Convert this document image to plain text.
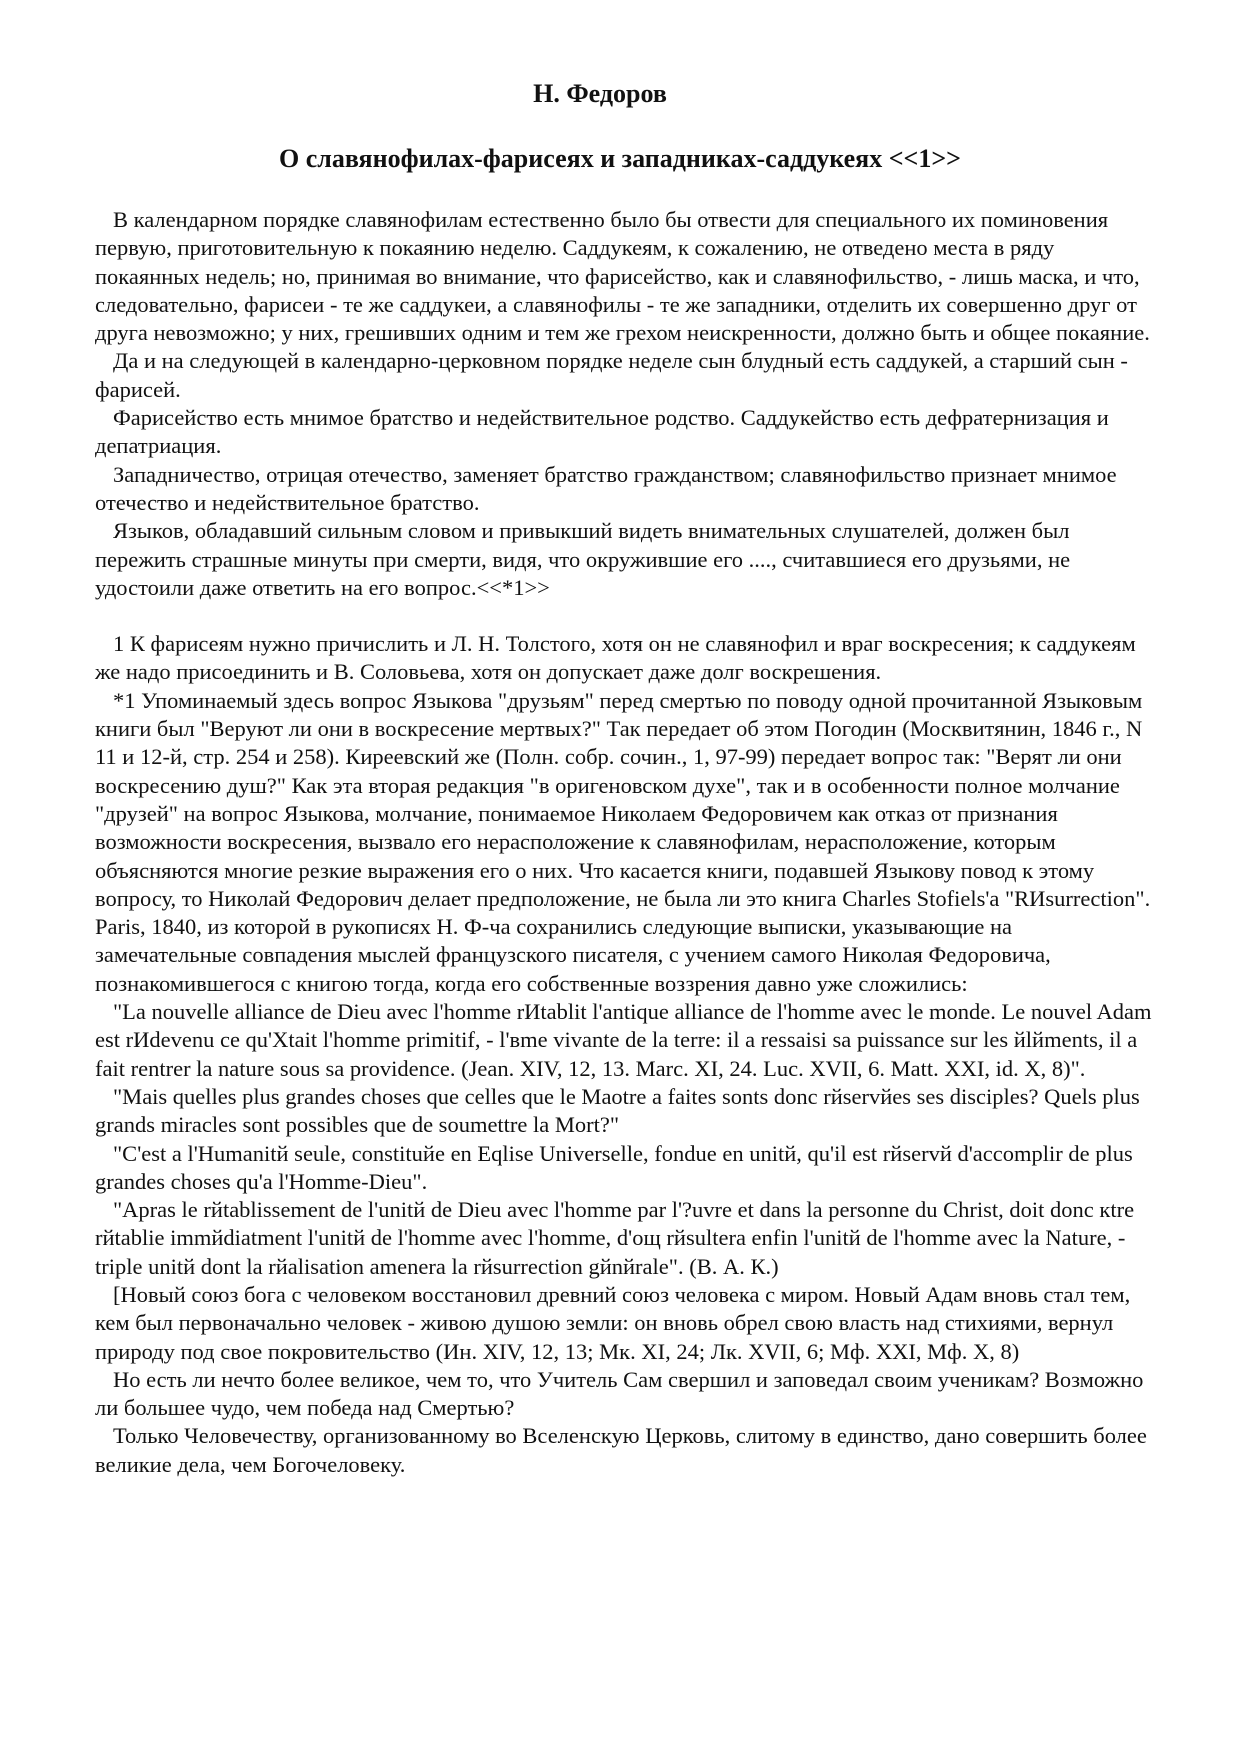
Н. Федоров
О славянофилах-фарисеях и западниках-саддукеях <<1>>

В календарном порядке славянофилам естественно было бы отвести для специального их поминовения первую, приготовительную к покаянию неделю. Саддукеям, к сожалению, не отведено места в ряду покаянных недель; но, принимая во внимание, что фарисейство, как и славянофильство, - лишь маска, и что, следовательно, фарисеи - те же саддукеи, а славянофилы - те же западники, отделить их совершенно друг от друга невозможно; у них, грешивших одним и тем же грехом неискренности, должно быть и общее покаяние.

Да и на следующей в календарно-церковном порядке неделе сын блудный есть саддукей, а старший сын - фарисей.

Фарисейство есть мнимое братство и недействительное родство. Саддукейство есть дефратернизация и депатриация.

Западничество, отрицая отечество, заменяет братство гражданством; славянофильство признает мнимое отечество и недействительное братство.

Языков, обладавший сильным словом и привыкший видеть внимательных слушателей, должен был пережить страшные минуты при смерти, видя, что окружившие его ...., считавшиеся его друзьями, не удостоили даже ответить на его вопрос.<<*1>>

1 К фарисеям нужно причислить и Л. Н. Толстого, хотя он не славянофил и враг воскресения; к саддукеям же надо присоединить и В. Соловьева, хотя он допускает даже долг воскрешения.

*1 Упоминаемый здесь вопрос Языкова "друзьям" перед смертью по поводу одной прочитанной Языковым книги был "Веруют ли они в воскресение мертвых?" Так передает об этом Погодин (Москвитянин, 1846 г., N 11 и 12-й, стр. 254 и 258). Киреевский же (Полн. собр. сочин., 1, 97-99) передает вопрос так: "Верят ли они воскресению душ?" Как эта вторая редакция "в оригеновском духе", так и в особенности полное молчание "друзей" на вопрос Языкова, молчание, понимаемое Николаем Федоровичем как отказ от признания возможности воскресения, вызвало его нерасположение к славянофилам, нерасположение, которым объясняются многие резкие выражения его о них. Что касается книги, подавшей Языкову повод к этому вопросу, то Николай Федорович делает предположение, не была ли это книга Charles Stofiels'a "RИsurrection". Paris, 1840, из которой в рукописях Н. Ф-ча сохранились следующие выписки, указывающие на замечательные совпадения мыслей французского писателя, с учением самого Николая Федоровича, познакомившегося с книгою тогда, когда его собственные воззрения давно уже сложились:

"La nouvelle alliance de Dieu avec l'homme rИtablit l'antique alliance de l'homme avec le monde. Le nouvel Adam est rИdevenu ce qu'Хtait l'homme primitif, - l'вme vivante de la terre: il a ressaisi sa puissance sur les йlйments, il a fait rentrer la nature sous sa providence. (Jean. XIV, 12, 13. Marc. XI, 24. Luc. XVII, 6. Matt. XXI, id. X, 8)".

"Mais quelles plus grandes choses que celles que le Maоtre a faites sonts donc rйservйes ses disciples? Quels plus grands miracles sont possibles que de soumettre la Mort?"

"C'est a l'Humanitй seule, constituйe en Eqlise Universelle, fondue en unitй, qu'il est rйservй d'accomplir de plus grandes choses qu'a l'Homme-Dieu".

"Apras le rйtablissement de l'unitй de Dieu avec l'homme par l'?uvre et dans la personne du Christ, doit donc кtre rйtablie immйdiatment l'unitй de l'homme avec l'homme, d'oщ rйsultera enfin l'unitй de l'homme avec la Nature, - triple unitй dont la rйalisation amenera la rйsurrection gйnйrale". (В. А. К.)

[Новый союз бога с человеком восстановил древний союз человека с миром. Новый Адам вновь стал тем, кем был первоначально человек - живою душою земли: он вновь обрел свою власть над стихиями, вернул природу под свое покровительство (Ин. XIV, 12, 13; Мк. XI, 24; Лк. XVII, 6; Мф. XXI, Мф. X, 8)

Но есть ли нечто более великое, чем то, что Учитель Сам свершил и заповедал своим ученикам? Возможно ли большее чудо, чем победа над Смертью?

Только Человечеству, организованному во Вселенскую Церковь, слитому в единство, дано совершить более великие дела, чем Богочеловеку.
